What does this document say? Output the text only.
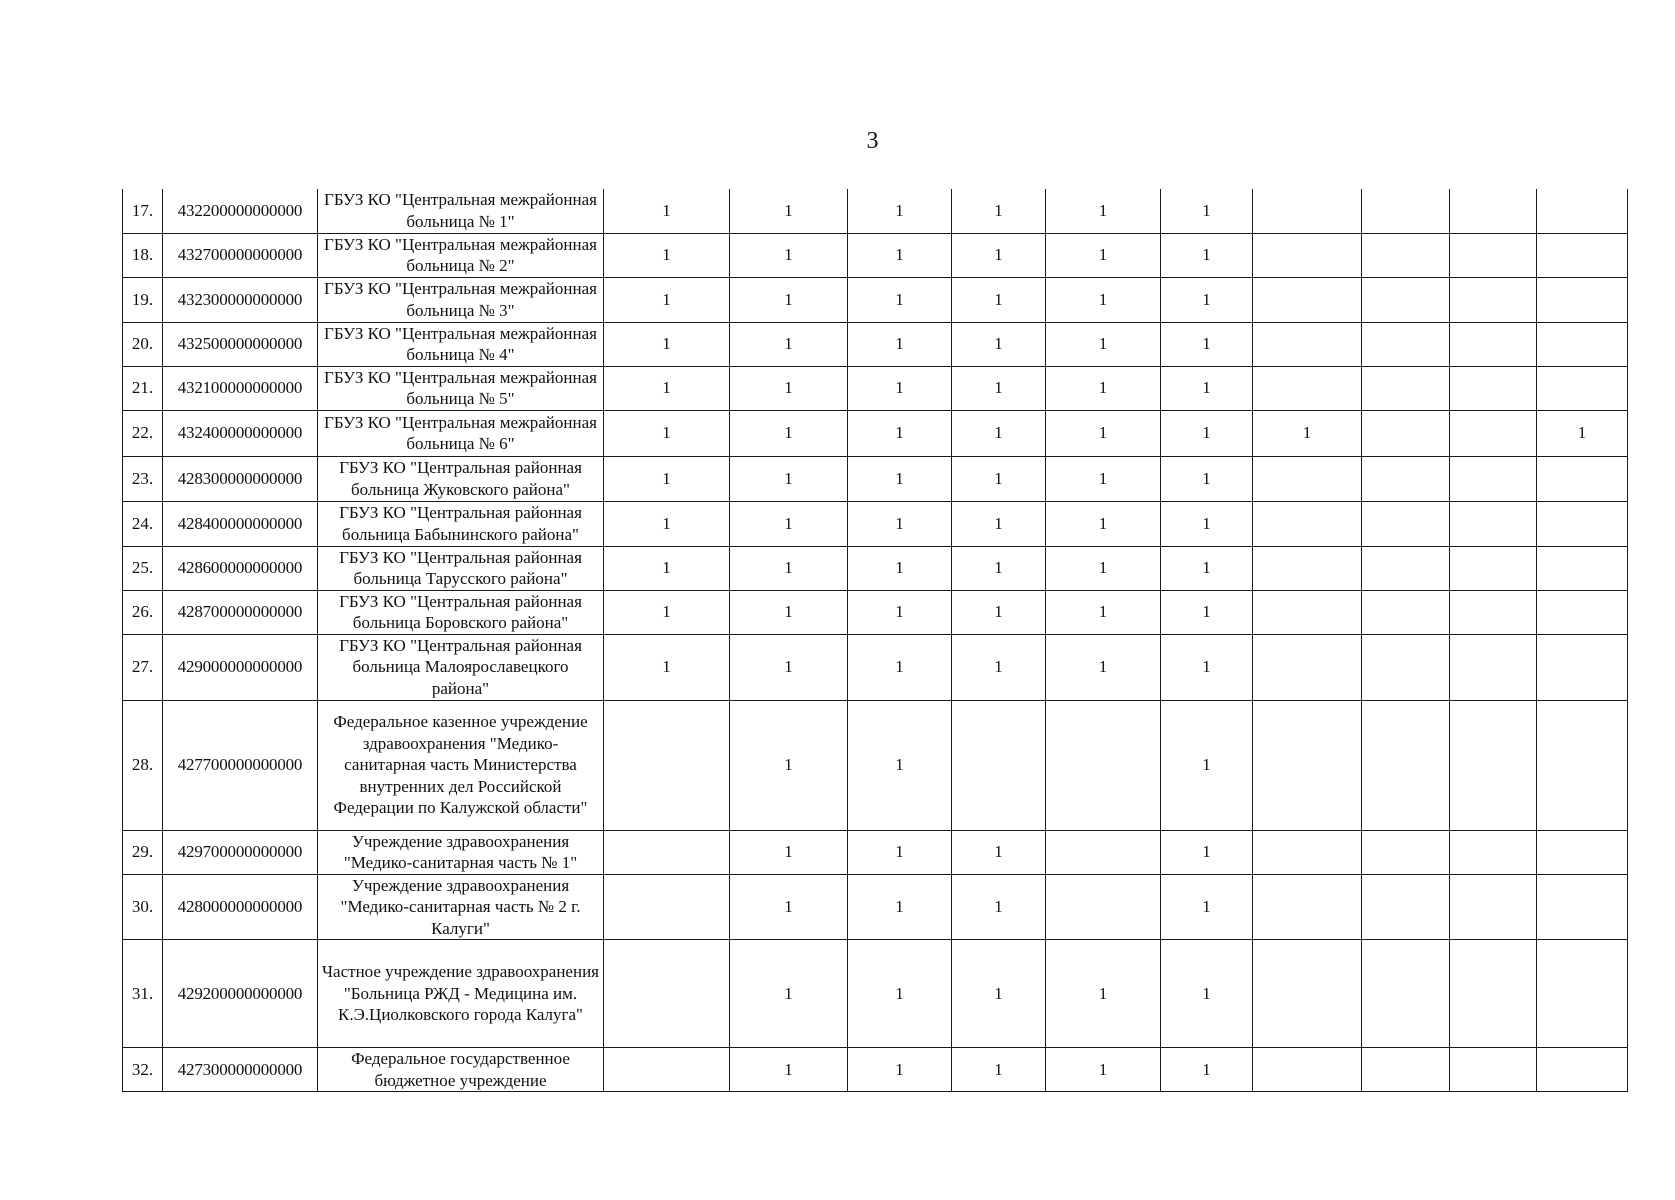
3
17.	432200000000000	ГБУЗ КО "Центральная межрайонная больница № 1"	1	1	1	1	1	1				
18.	432700000000000	ГБУЗ КО "Центральная межрайонная больница № 2"	1	1	1	1	1	1				
19.	432300000000000	ГБУЗ КО "Центральная межрайонная больница № 3"	1	1	1	1	1	1				
20.	432500000000000	ГБУЗ КО "Центральная межрайонная больница № 4"	1	1	1	1	1	1				
21.	432100000000000	ГБУЗ КО "Центральная межрайонная больница № 5"	1	1	1	1	1	1				
22.	432400000000000	ГБУЗ КО "Центральная межрайонная больница № 6"	1	1	1	1	1	1	1			1
23.	428300000000000	ГБУЗ КО "Центральная районная больница Жуковского района"	1	1	1	1	1	1				
24.	428400000000000	ГБУЗ КО "Центральная районная больница Бабынинского района"	1	1	1	1	1	1				
25.	428600000000000	ГБУЗ КО "Центральная районная больница Тарусского района"	1	1	1	1	1	1				
26.	428700000000000	ГБУЗ КО "Центральная районная больница Боровского района"	1	1	1	1	1	1				
27.	429000000000000	ГБУЗ КО "Центральная районная больница Малоярославецкого района"	1	1	1	1	1	1				
28.	427700000000000	Федеральное казенное учреждение здравоохранения "Медико-санитарная часть Министерства внутренних дел Российской Федерации по Калужской области"		1	1			1				
29.	429700000000000	Учреждение здравоохранения "Медико-санитарная часть № 1"		1	1	1		1				
30.	428000000000000	Учреждение здравоохранения "Медико-санитарная часть № 2 г. Калуги"		1	1	1		1				
31.	429200000000000	Частное учреждение здравоохранения "Больница РЖД - Медицина им. К.Э.Циолковского города Калуга"		1	1	1	1	1				
32.	427300000000000	Федеральное государственное бюджетное учреждение		1	1	1	1	1				
